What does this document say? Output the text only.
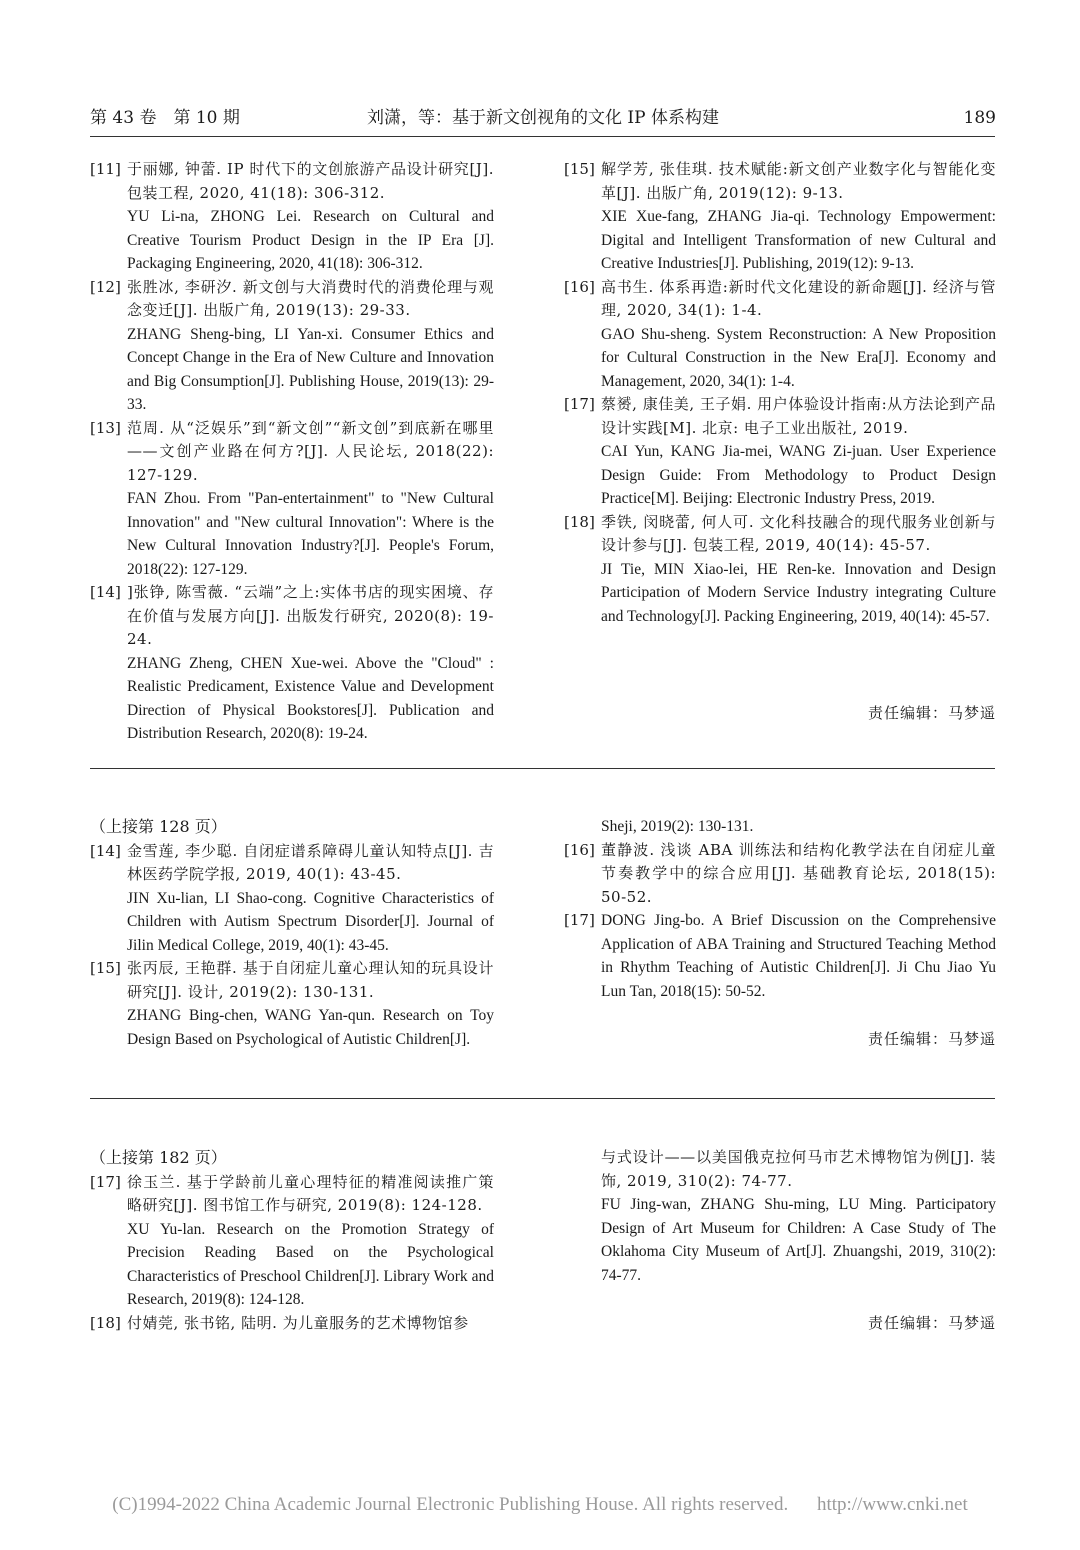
第 43 卷　第 10 期	刘潇，等：基于新文创视角的文化 IP 体系构建	189
[11] 于丽娜, 钟蕾. IP 时代下的文创旅游产品设计研究[J]. 包装工程, 2020, 41(18): 306-312.
YU Li-na, ZHONG Lei. Research on Cultural and Creative Tourism Product Design in the IP Era [J]. Packaging Engineering, 2020, 41(18): 306-312.
[12] 张胜冰, 李研汐. 新文创与大消费时代的消费伦理与观念变迁[J]. 出版广角, 2019(13): 29-33.
ZHANG Sheng-bing, LI Yan-xi. Consumer Ethics and Concept Change in the Era of New Culture and Innovation and Big Consumption[J]. Publishing House, 2019(13): 29-33.
[13] 范周. 从“泛娱乐”到“新文创”“新文创”到底新在哪里——文创产业路在何方?[J]. 人民论坛, 2018(22): 127-129.
FAN Zhou. From "Pan-entertainment" to "New Cultural Innovation" and "New cultural Innovation": Where is the New Cultural Innovation Industry?[J]. People's Forum, 2018(22): 127-129.
[14] ]张铮, 陈雪薇. “云端”之上:实体书店的现实困境、存在价值与发展方向[J]. 出版发行研究, 2020(8): 19-24.
ZHANG Zheng, CHEN Xue-wei. Above the "Cloud" : Realistic Predicament, Existence Value and Development Direction of Physical Bookstores[J]. Publication and Distribution Research, 2020(8): 19-24.
[15] 解学芳, 张佳琪. 技术赋能:新文创产业数字化与智能化变革[J]. 出版广角, 2019(12): 9-13.
XIE Xue-fang, ZHANG Jia-qi. Technology Empowerment: Digital and Intelligent Transformation of new Cultural and Creative Industries[J]. Publishing, 2019(12): 9-13.
[16] 高书生. 体系再造:新时代文化建设的新命题[J]. 经济与管理, 2020, 34(1): 1-4.
GAO Shu-sheng. System Reconstruction: A New Proposition for Cultural Construction in the New Era[J]. Economy and Management, 2020, 34(1): 1-4.
[17] 蔡赟, 康佳美, 王子娟. 用户体验设计指南:从方法论到产品设计实践[M]. 北京: 电子工业出版社, 2019.
CAI Yun, KANG Jia-mei, WANG Zi-juan. User Experience Design Guide: From Methodology to Product Design Practice[M]. Beijing: Electronic Industry Press, 2019.
[18] 季铁, 闵晓蕾, 何人可. 文化科技融合的现代服务业创新与设计参与[J]. 包装工程, 2019, 40(14): 45-57.
JI Tie, MIN Xiao-lei, HE Ren-ke. Innovation and Design Participation of Modern Service Industry integrating Culture and Technology[J]. Packing Engineering, 2019, 40(14): 45-57.
责任编辑：马梦遥
（上接第 128 页）
[14] 金雪莲, 李少聪. 自闭症谱系障碍儿童认知特点[J]. 吉林医药学院学报, 2019, 40(1): 43-45.
JIN Xu-lian, LI Shao-cong. Cognitive Characteristics of Children with Autism Spectrum Disorder[J]. Journal of Jilin Medical College, 2019, 40(1): 43-45.
[15] 张丙辰, 王艳群. 基于自闭症儿童心理认知的玩具设计研究[J]. 设计, 2019(2): 130-131.
ZHANG Bing-chen, WANG Yan-qun. Research on Toy Design Based on Psychological of Autistic Children[J].
Sheji, 2019(2): 130-131.
[16] 董静波. 浅谈 ABA 训练法和结构化教学法在自闭症儿童节奏教学中的综合应用[J]. 基础教育论坛, 2018(15): 50-52.
[17] DONG Jing-bo. A Brief Discussion on the Comprehensive Application of ABA Training and Structured Teaching Method in Rhythm Teaching of Autistic Children[J]. Ji Chu Jiao Yu Lun Tan, 2018(15): 50-52.
责任编辑：马梦遥
（上接第 182 页）
[17] 徐玉兰. 基于学龄前儿童心理特征的精准阅读推广策略研究[J]. 图书馆工作与研究, 2019(8): 124-128.
XU Yu-lan. Research on the Promotion Strategy of Precision Reading Based on the Psychological Characteristics of Preschool Children[J]. Library Work and Research, 2019(8): 124-128.
[18] 付婧莞, 张书铭, 陆明. 为儿童服务的艺术博物馆参
与式设计——以美国俄克拉何马市艺术博物馆为例[J]. 装饰, 2019, 310(2): 74-77.
FU Jing-wan, ZHANG Shu-ming, LU Ming. Participatory Design of Art Museum for Children: A Case Study of The Oklahoma City Museum of Art[J]. Zhuangshi, 2019, 310(2): 74-77.
责任编辑：马梦遥
(C)1994-2022 China Academic Journal Electronic Publishing House. All rights reserved. http://www.cnki.net
